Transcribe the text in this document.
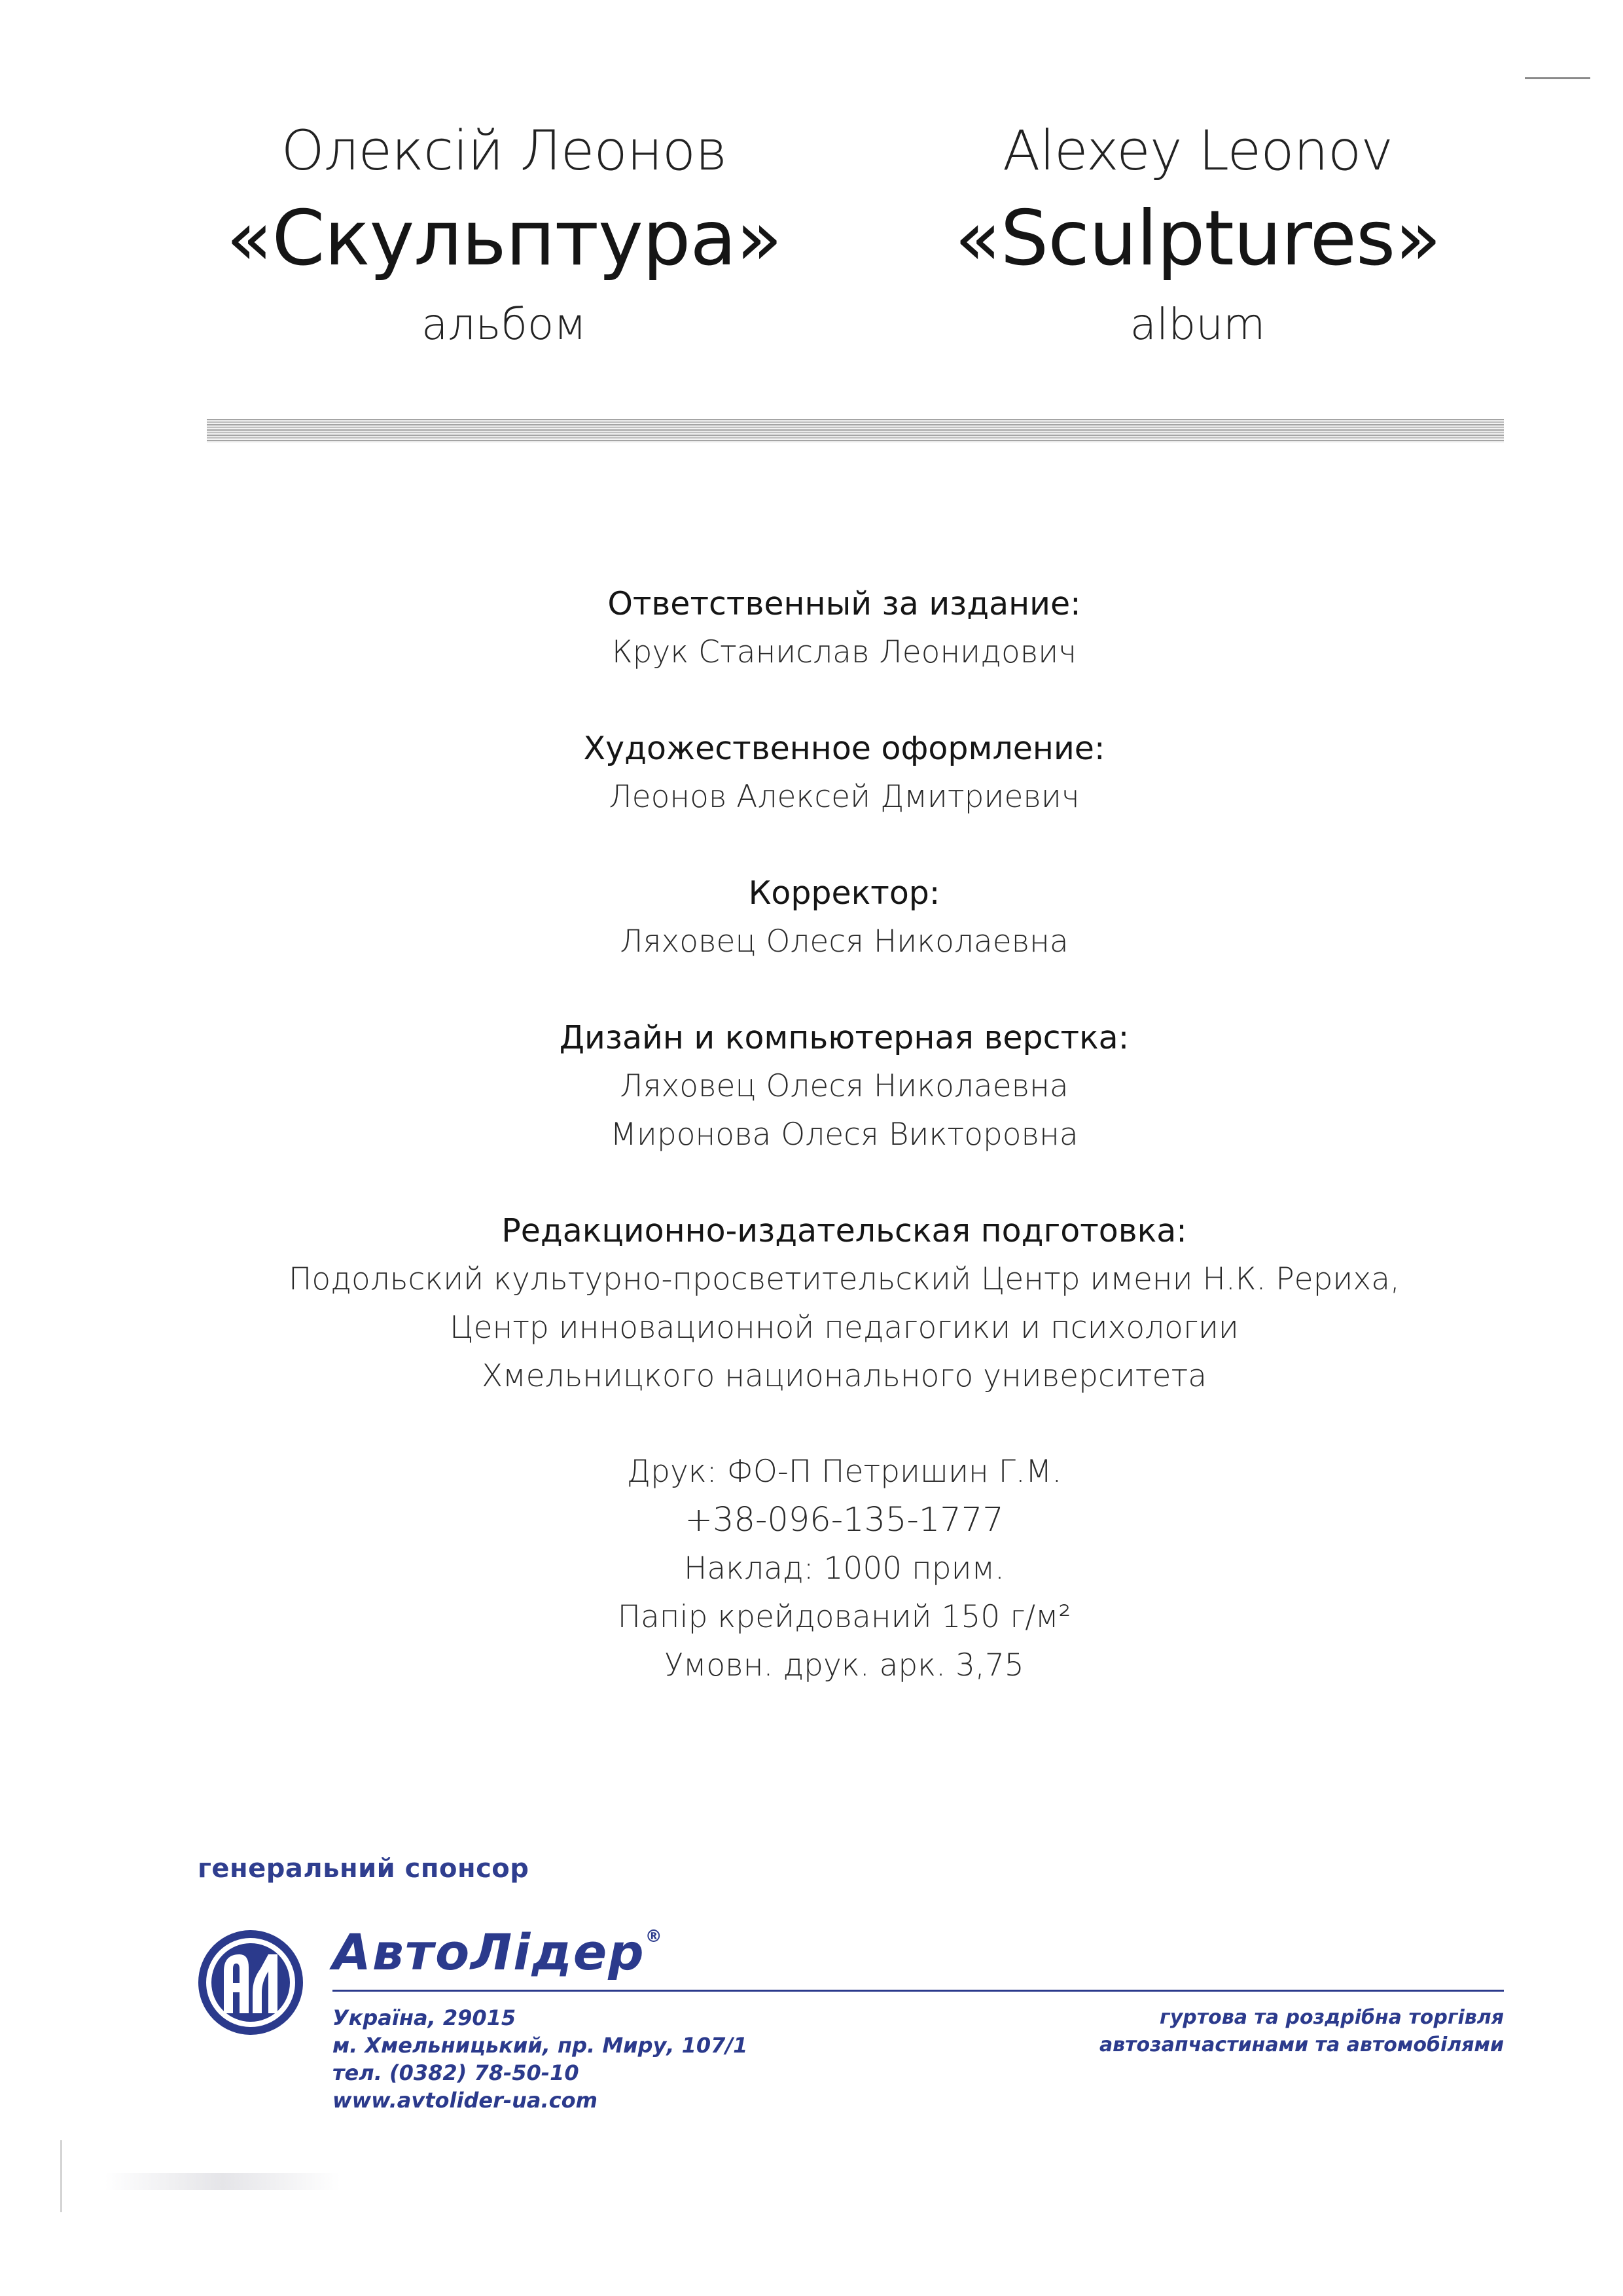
Олексій Леонов
«Скульптура»
альбом
Alexey Leonov
«Sculptures»
album
Ответственный за издание:
Крук Станислав Леонидович
Художественное оформление:
Леонов Алексей Дмитриевич
Корректор:
Ляховец Олеся Николаевна
Дизайн и компьютерная верстка:
Ляховец Олеся Николаевна
Миронова Олеся Викторовна
Редакционно-издательская подготовка:
Подольский культурно-просветительский Центр имени Н.К. Рериха,
Центр инновационной педагогики и психологии
Хмельницкого национального университета
Друк: ФО-П Петришин Г.М.
+38-096-135-1777
Наклад: 1000 прим.
Папір крейдований 150 г/м²
Умовн. друк. арк. 3,75
генеральний спонсор
АвтоЛідер®
Україна, 29015
м. Хмельницький, пр. Миру, 107/1
тел. (0382) 78-50-10
www.avtolider-ua.com
гуртова та роздрібна торгівля
автозапчастинами та автомобілями
